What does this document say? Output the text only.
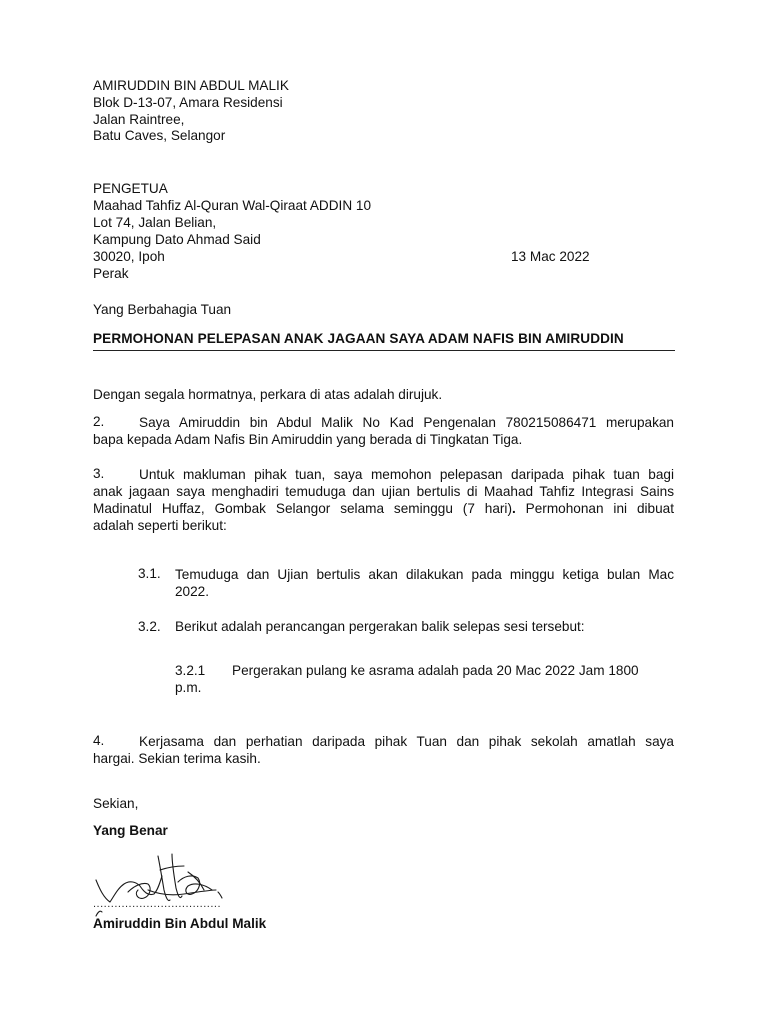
AMIRUDDIN BIN ABDUL MALIK
Blok D-13-07, Amara Residensi
Jalan Raintree,
Batu Caves, Selangor
PENGETUA
Maahad Tahfiz Al-Quran Wal-Qiraat ADDIN 10
Lot 74, Jalan Belian,
Kampung Dato Ahmad Said
30020, Ipoh
Perak
13 Mac 2022
Yang Berbahagia Tuan
PERMOHONAN PELEPASAN ANAK JAGAAN SAYA ADAM NAFIS BIN AMIRUDDIN
Dengan segala hormatnya, perkara di atas adalah dirujuk.
2.	Saya Amiruddin bin Abdul Malik No Kad Pengenalan 780215086471 merupakan
bapa kepada Adam Nafis Bin Amiruddin yang berada di Tingkatan Tiga.
3.	Untuk makluman pihak tuan, saya memohon pelepasan daripada pihak tuan bagi
anak jagaan saya menghadiri temuduga dan ujian bertulis di Maahad Tahfiz Integrasi Sains
Madinatul Huffaz, Gombak Selangor selama seminggu (7 hari). Permohonan ini dibuat
adalah seperti berikut:
3.1. Temuduga dan Ujian bertulis akan dilakukan pada minggu ketiga bulan Mac
2022.
3.2. Berikut adalah perancangan pergerakan balik selepas sesi tersebut:
3.2.1 Pergerakan pulang ke asrama adalah pada 20 Mac 2022 Jam 1800
p.m.
4.	Kerjasama dan perhatian daripada pihak Tuan dan pihak sekolah amatlah saya
hargai. Sekian terima kasih.
Sekian,
Yang Benar
....................................
Amiruddin Bin Abdul Malik
